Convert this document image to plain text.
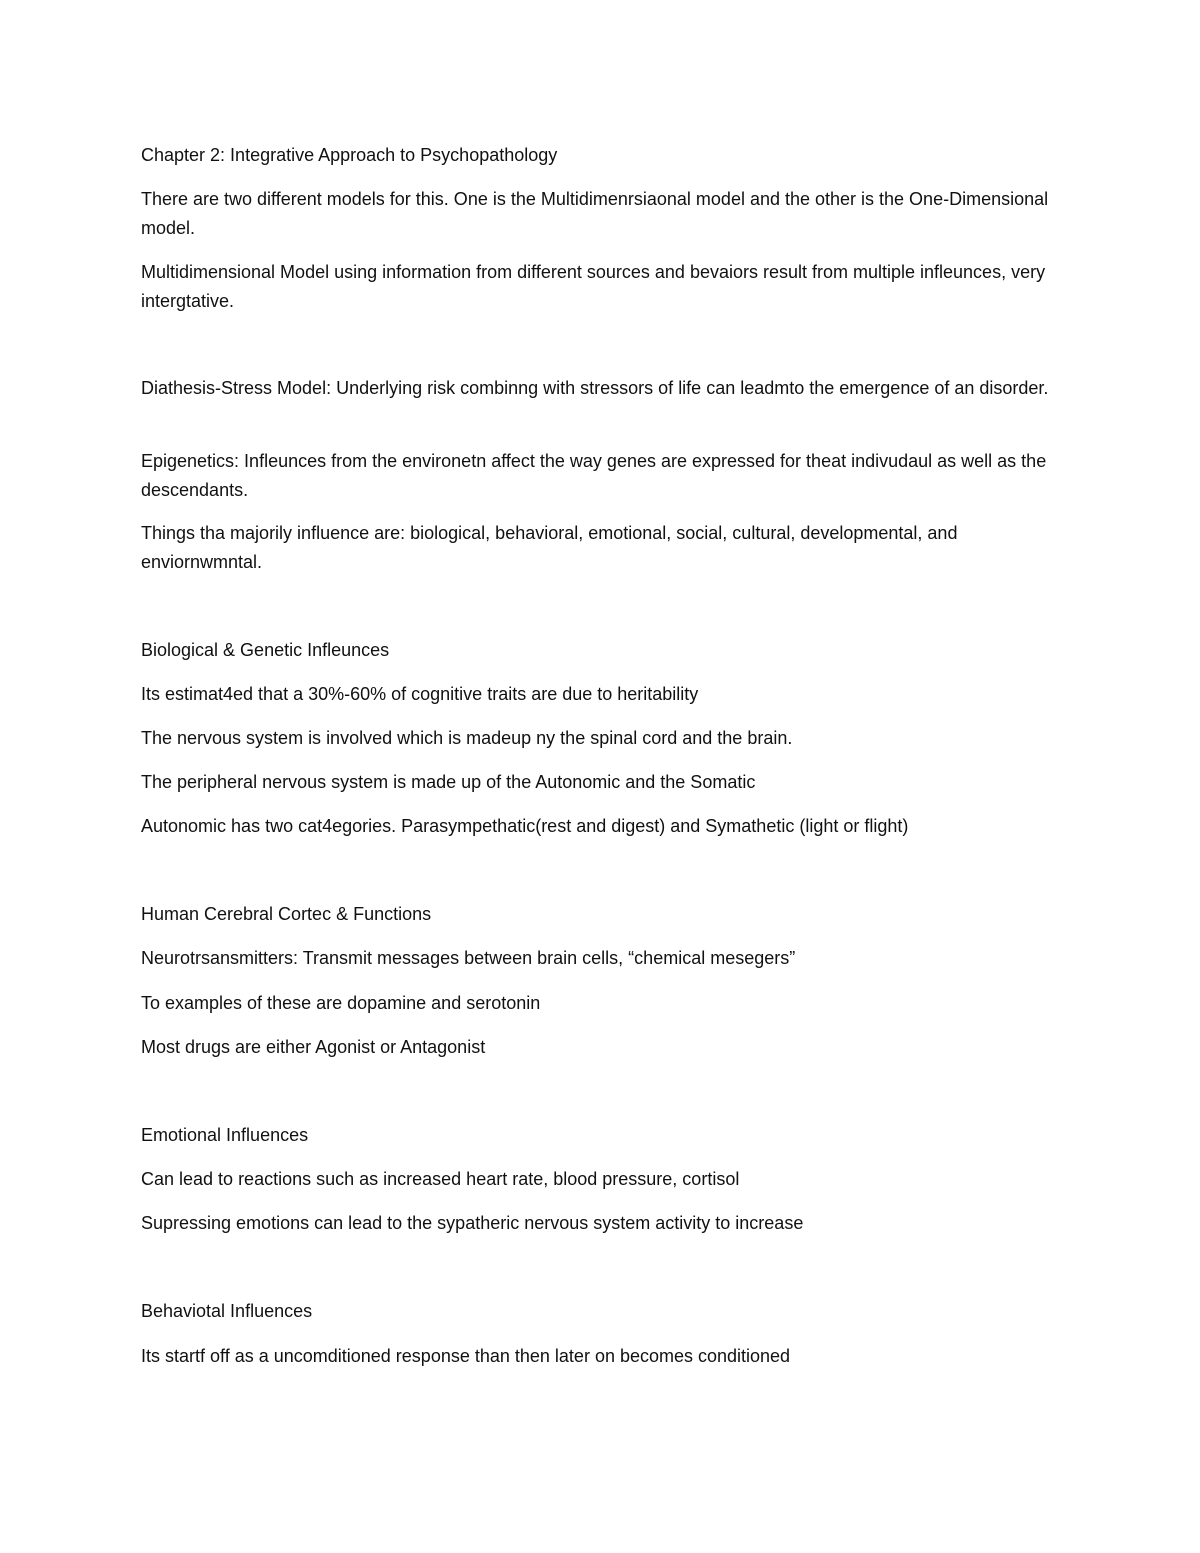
Chapter 2: Integrative Approach to Psychopathology

There are two different models for this. One is the Multidimenrsiaonal model and the other is the One-Dimensional model.

Multidimensional Model using information from different sources and bevaiors result from multiple infleunces, very intergtative.

Diathesis-Stress Model: Underlying risk combinng with stressors of life can leadmto the emergence of an disorder.

Epigenetics: Infleunces from the environetn affect the way genes are expressed for theat indivudaul as well as the descendants.

Things tha majorily influence are: biological, behavioral, emotional, social, cultural, developmental, and enviornwmntal.

Biological & Genetic Infleunces

Its estimat4ed that a 30%-60% of cognitive traits are due to heritability

The nervous system is involved which is madeup ny the spinal cord and the brain.

The peripheral nervous system is made up of the Autonomic and the Somatic

Autonomic has two cat4egories. Parasympethatic(rest and digest) and Symathetic (light or flight)

Human Cerebral Cortec & Functions

Neurotrsansmitters: Transmit messages between brain cells, “chemical mesegers”

To examples of these are dopamine and serotonin

Most drugs are either Agonist or Antagonist

Emotional Influences

Can lead to reactions such as increased heart rate, blood pressure, cortisol

Supressing emotions can lead to the sypatheric nervous system activity to increase

Behaviotal Influences

Its startf off as a uncomditioned response than then later on becomes conditioned
